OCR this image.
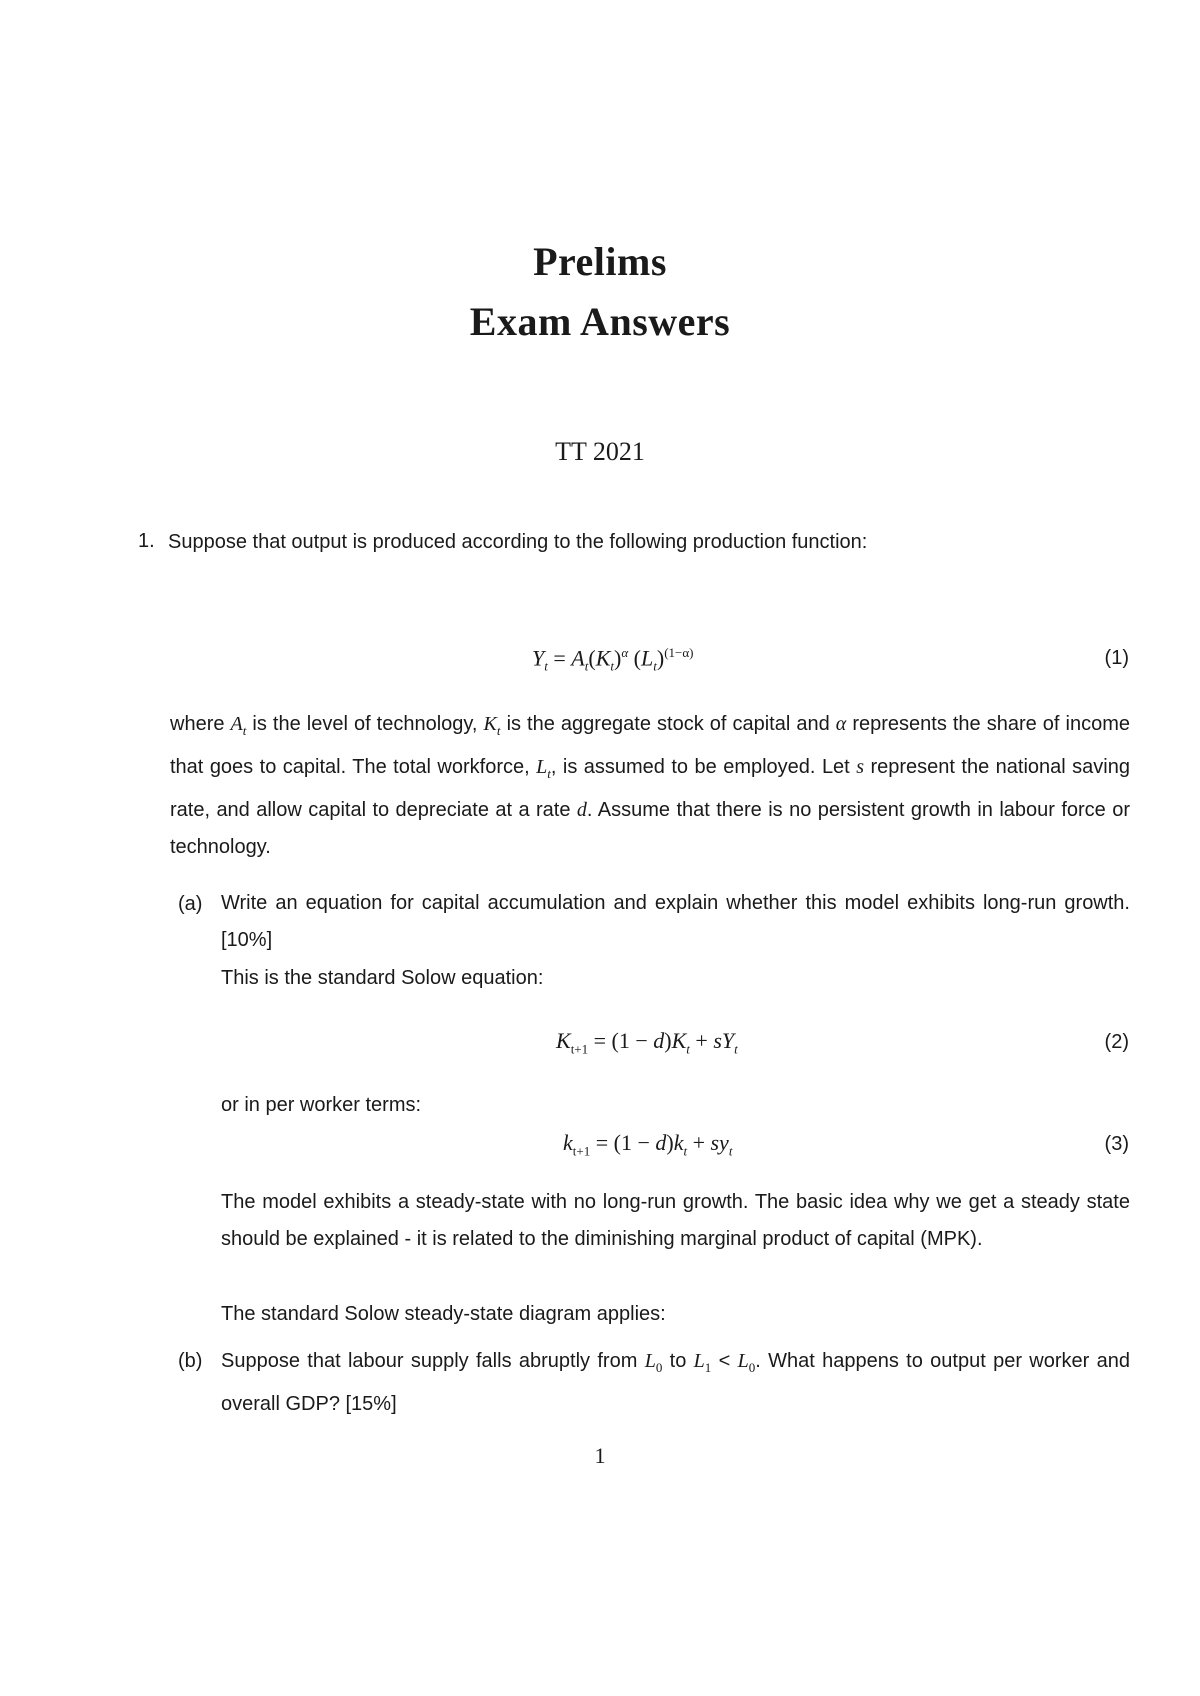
Prelims
Exam Answers
TT 2021
1. Suppose that output is produced according to the following production function:
$Y_t = A_t(K_t)^\alpha$ $(L_t)^{(1-\alpha)}$	(1)
where $A_t$ is the level of technology, $K_t$ is the aggregate stock of capital and α represents the share of income that goes to capital. The total workforce, $L_t$, is assumed to be employed. Let s represent the national saving rate, and allow capital to depreciate at a rate d. Assume that there is no persistent growth in labour force or technology.
(a) Write an equation for capital accumulation and explain whether this model exhibits long-run growth. [10%]
This is the standard Solow equation:
$K_{t+1} = (1 - d)K_t + sY_t$	(2)
or in per worker terms:
$k_{t+1} = (1 - d)k_t + sy_t$	(3)
The model exhibits a steady-state with no long-run growth. The basic idea why we get a steady state should be explained - it is related to the diminishing marginal product of capital (MPK).
The standard Solow steady-state diagram applies:
(b) Suppose that labour supply falls abruptly from $L_0$ to $L_1 < L_0$. What happens to output per worker and overall GDP? [15%]
1
